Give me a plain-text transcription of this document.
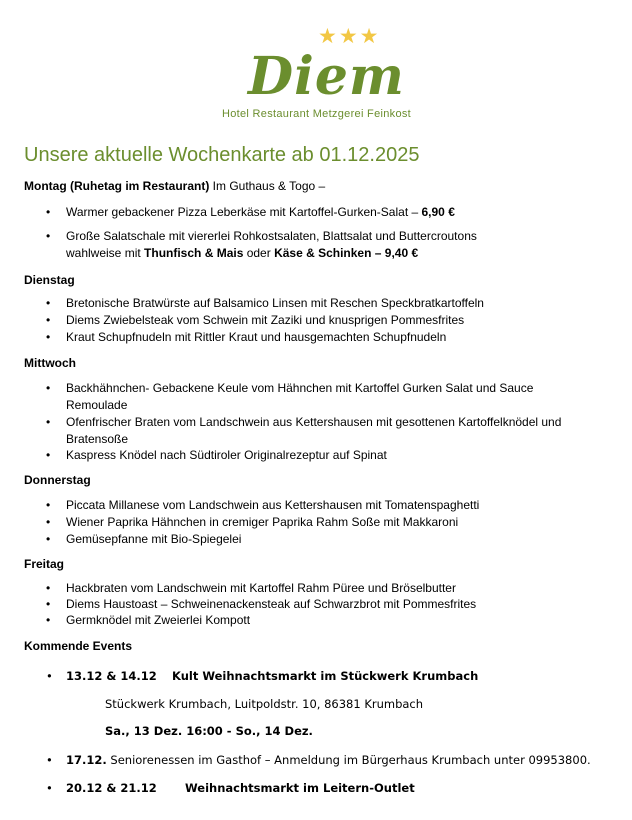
★★★
Diem
Hotel Restaurant Metzgerei Feinkost
Unsere aktuelle Wochenkarte ab 01.12.2025
Montag (Ruhetag im Restaurant) Im Guthaus & Togo –
• Warmer gebackener Pizza Leberkäse mit Kartoffel-Gurken-Salat – 6,90 €
• Große Salatschale mit viererlei Rohkostsalaten, Blattsalat und Buttercroutons
wahlweise mit Thunfisch & Mais oder Käse & Schinken – 9,40 €
Dienstag
• Bretonische Bratwürste auf Balsamico Linsen mit Reschen Speckbratkartoffeln
• Diems Zwiebelsteak vom Schwein mit Zaziki und knusprigen Pommesfrites
• Kraut Schupfnudeln mit Rittler Kraut und hausgemachten Schupfnudeln
Mittwoch
• Backhähnchen- Gebackene Keule vom Hähnchen mit Kartoffel Gurken Salat und Sauce
Remoulade
• Ofenfrischer Braten vom Landschwein aus Kettershausen mit gesottenen Kartoffelknödel und
Bratensoße
• Kaspress Knödel nach Südtiroler Originalrezeptur auf Spinat
Donnerstag
• Piccata Millanese vom Landschwein aus Kettershausen mit Tomatenspaghetti
• Wiener Paprika Hähnchen in cremiger Paprika Rahm Soße mit Makkaroni
• Gemüsepfanne mit Bio-Spiegelei
Freitag
• Hackbraten vom Landschwein mit Kartoffel Rahm Püree und Bröselbutter
• Diems Haustoast – Schweinenackensteak auf Schwarzbrot mit Pommesfrites
• Germknödel mit Zweierlei Kompott
Kommende Events
• 13.12 & 14.12 Kult Weihnachtsmarkt im Stückwerk Krumbach
Stückwerk Krumbach, Luitpoldstr. 10, 86381 Krumbach
Sa., 13 Dez. 16:00 - So., 14 Dez.
• 17.12. Seniorenessen im Gasthof – Anmeldung im Bürgerhaus Krumbach unter 09953800.
• 20.12 & 21.12 Weihnachtsmarkt im Leitern-Outlet
